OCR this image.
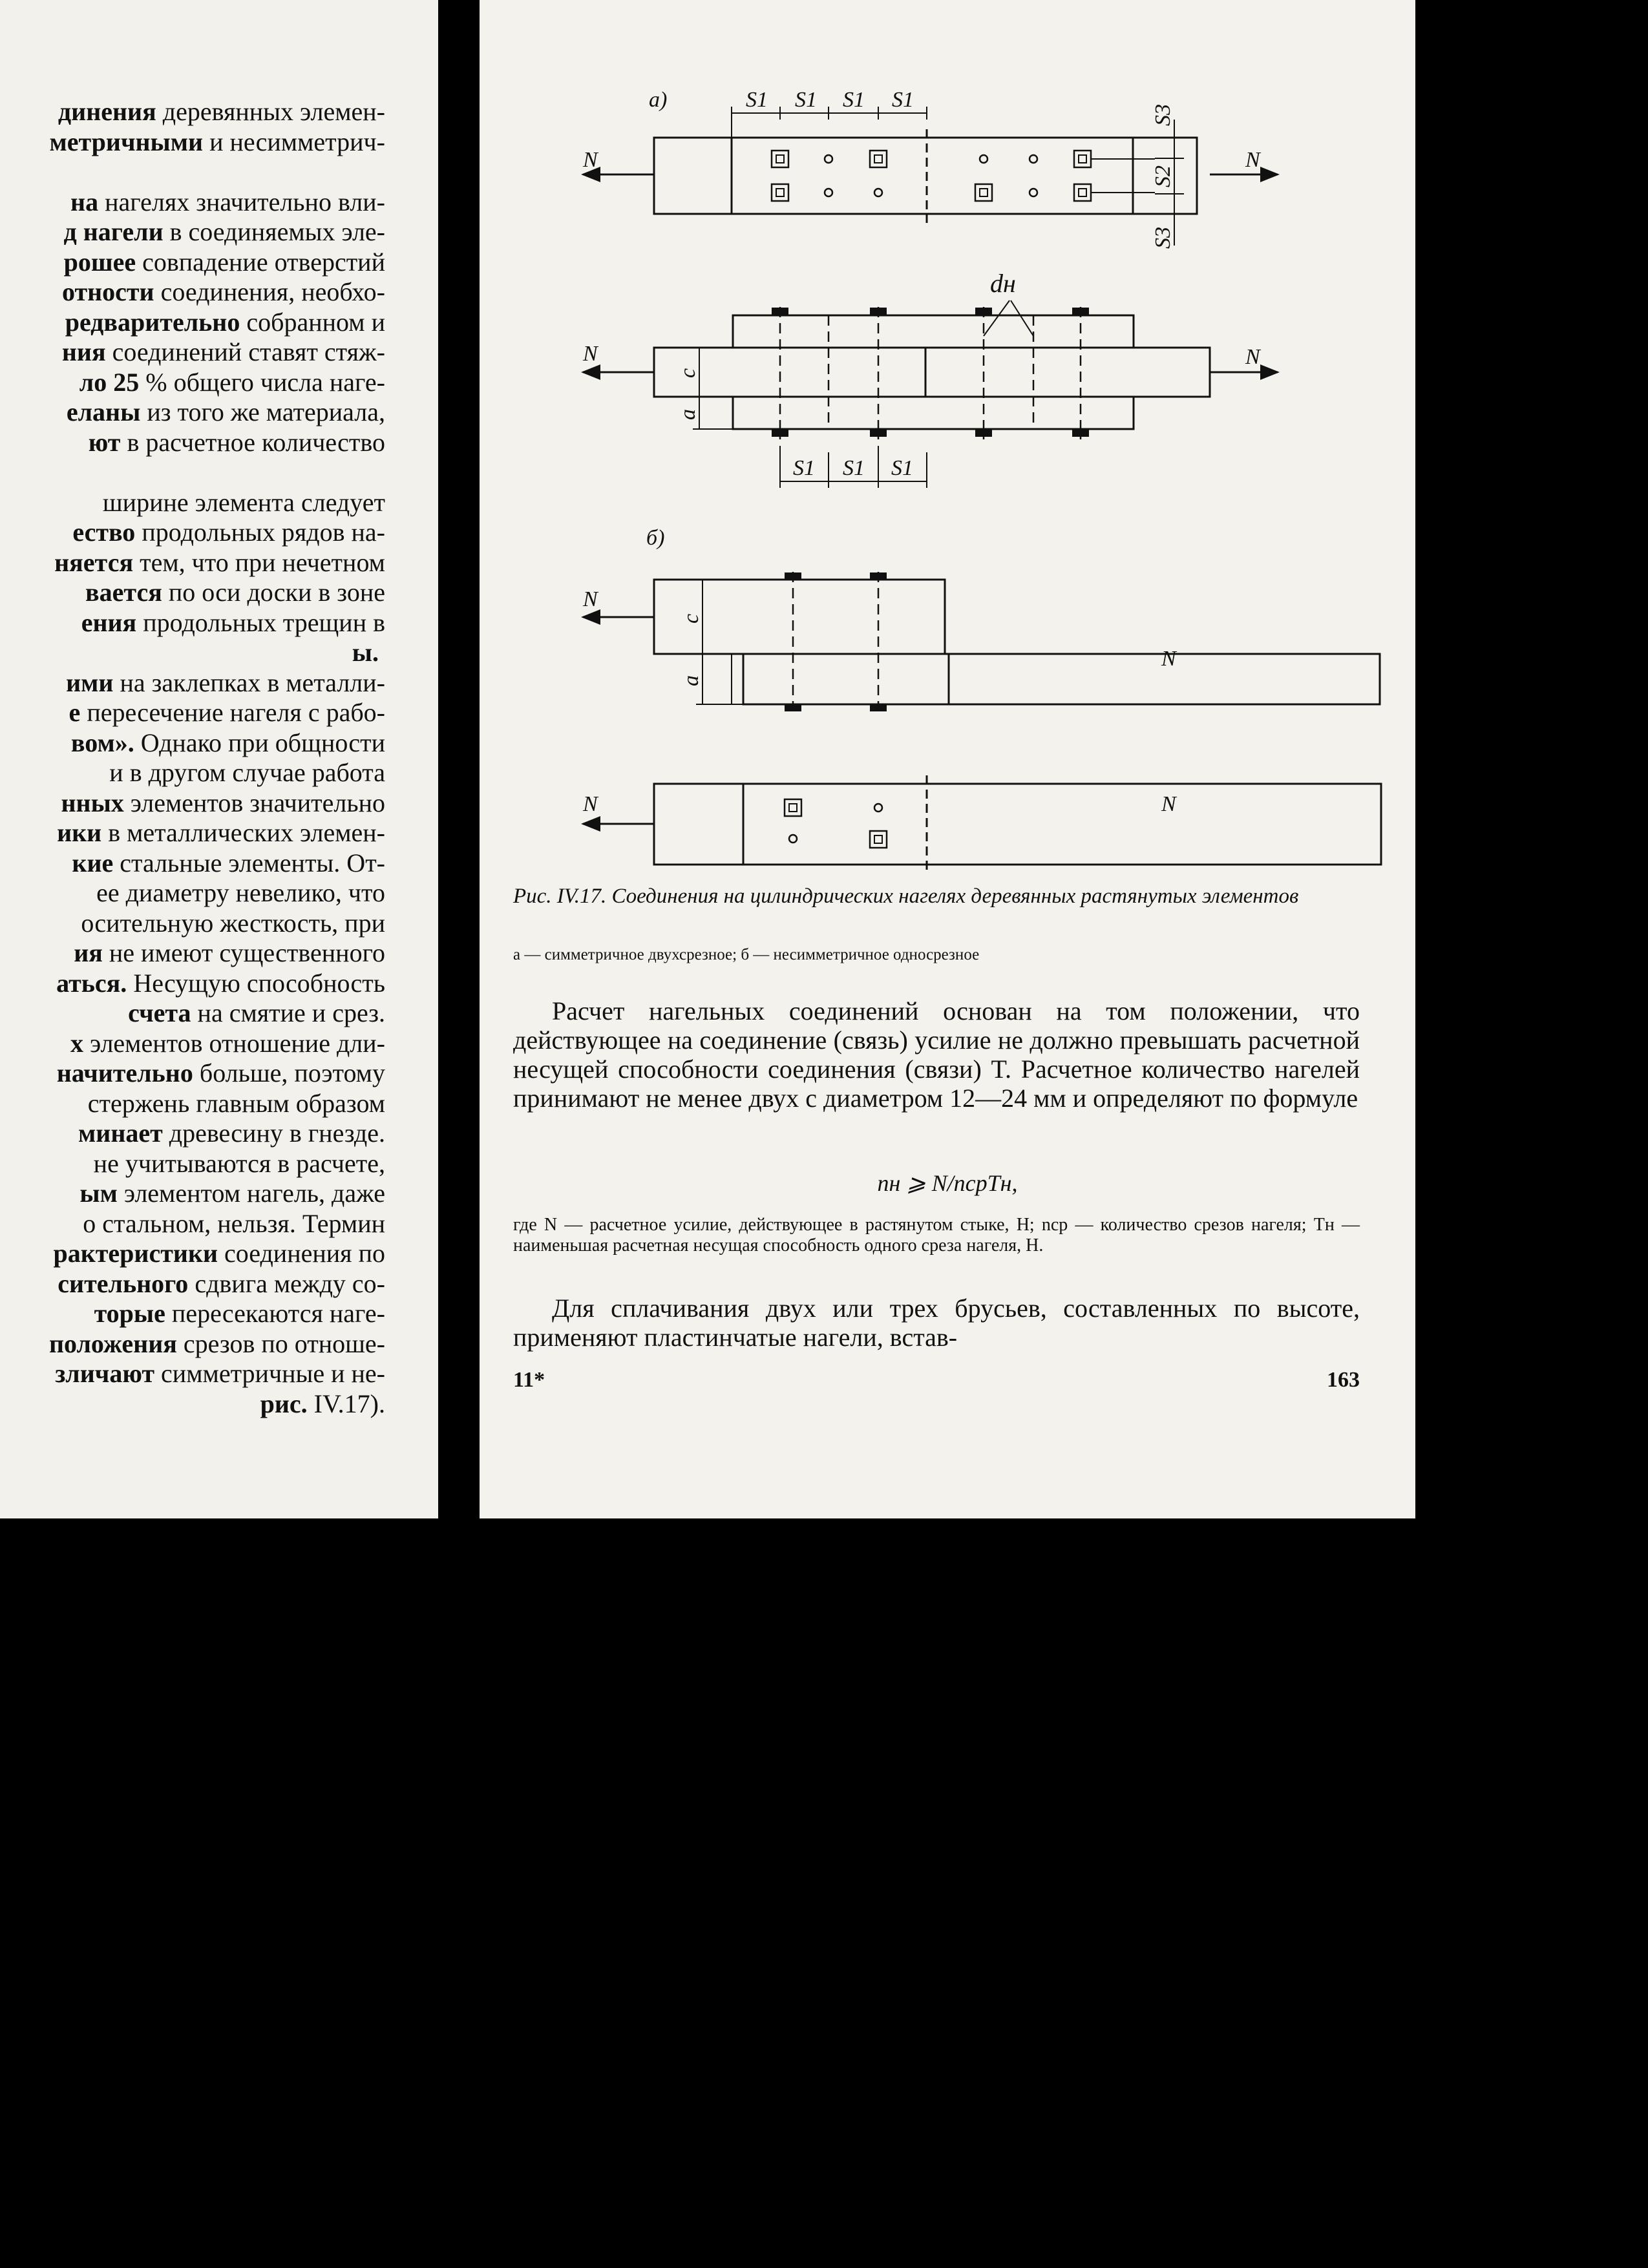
динения деревянных элемен-
метричными и несимметрич-

на нагелях значительно вли-
д нагели в соединяемых эле-
рошее совпадение отверстий
отности соединения, необхо-
редварительно собранном и
ния соединений ставят стяж-
ло 25 % общего числа наге-
еланы из того же материала,
ют в расчетное количество

ширине элемента следует
ество продольных рядов на-
няется тем, что при нечетном
вается по оси доски в зоне
ения продольных трещин в
ы.
ими на заклепках в металли-
е пересечение нагеля с рабо-
вом». Однако при общности
и в другом случае работа
нных элементов значительно
ики в металлических элемен-
кие стальные элементы. От-
ее диаметру невелико, что
осительную жесткость, при
ия не имеют существенного
аться. Несущую способность
счета на смятие и срез.
х элементов отношение дли-
начительно больше, поэтому
стержень главным образом
минает древесину в гнезде.
не учитываются в расчете,
ым элементом нагель, даже
о стальном, нельзя. Термин
рактеристики соединения по
сительного сдвига между со-
торые пересекаются наге-
положения срезов по отноше-
зличают симметричные и не-
рис. IV.17).
а)
б)
N	N
N	N
N
N
N	N
S1 S1 S1 S1
S1 S1 S1
dн
S3
S2
S3
c
a
c
a
Рис. IV.17. Соединения на цилиндрических нагелях деревянных растянутых элементов
а — симметричное двухсрезное; б — несимметричное односрезное

Расчет нагельных соединений основан на том положении, что действующее на соединение (связь) усилие не должно превышать расчетной несущей способности соединения (связи) T. Расчетное количество нагелей принимают не менее двух с диаметром 12—24 мм и определяют по формуле

nн ⩾ N/nсрTн,
где N — расчетное усилие, действующее в растянутом стыке, Н; nср — количество срезов нагеля; Tн — наименьшая расчетная несущая способность одного среза нагеля, Н.

Для сплачивания двух или трех брусьев, составленных по высоте, применяют пластинчатые нагели, встав-

11*	163
